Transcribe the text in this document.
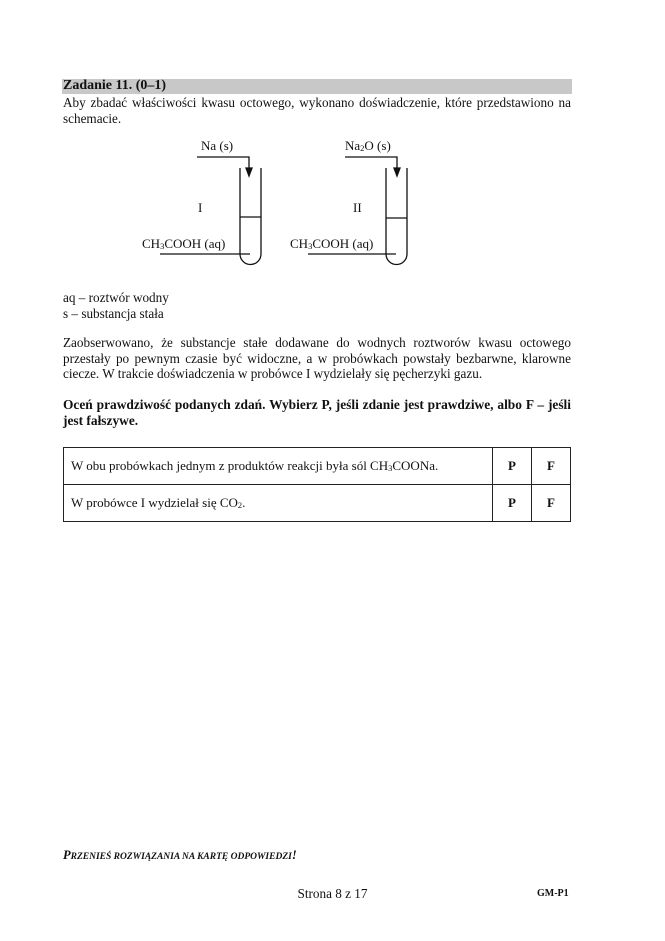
Zadanie 11. (0–1)
Aby zbadać właściwości kwasu octowego, wykonano doświadczenie, które przedstawiono na schemacie.
Na (s)
I
$CH_3COOH$ (aq)
$Na_2O$ (s)
II
$CH_3COOH$ (aq)
aq – roztwór wodny
s – substancja stała
Zaobserwowano, że substancje stałe dodawane do wodnych roztworów kwasu octowego przestały po pewnym czasie być widoczne, a w probówkach powstały bezbarwne, klarowne ciecze. W trakcie doświadczenia w probówce I wydzielały się pęcherzyki gazu.
Oceń prawdziwość podanych zdań. Wybierz P, jeśli zdanie jest prawdziwe, albo F – jeśli jest fałszywe.
W obu probówkach jednym z produktów reakcji była sól $CH_3COONa$.	P	F
W probówce I wydzielał się $CO_2$.	P	F
PRZENIEŚ ROZWIĄZANIA NA KARTĘ ODPOWIEDZI!
Strona 8 z 17	GM-P1
